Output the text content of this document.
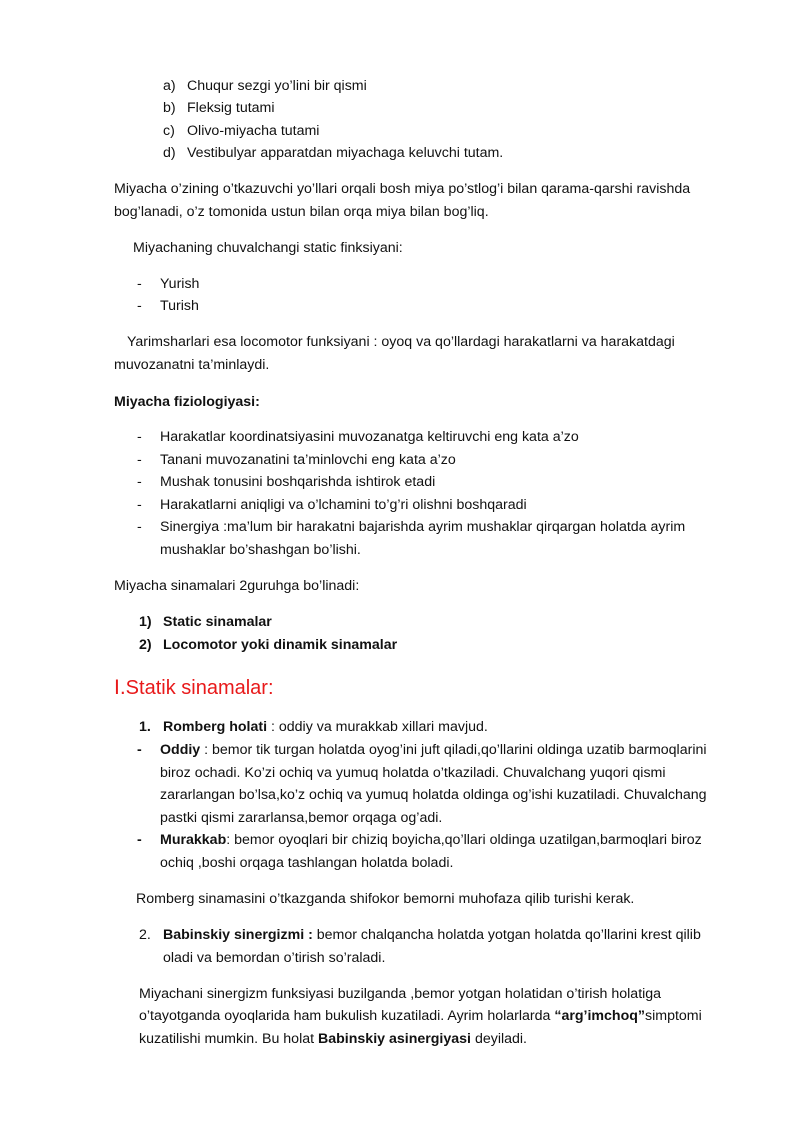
a) Chuqur sezgi yo’lini bir qismi
b) Fleksig tutami
c) Olivo-miyacha tutami
d) Vestibulyar apparatdan miyachaga keluvchi tutam.
Miyacha o’zining o’tkazuvchi yo’llari orqali bosh miya po’stlog’i bilan qarama-qarshi ravishda
bog’lanadi, o’z tomonida ustun bilan orqa miya bilan bog’liq.
Miyachaning chuvalchangi static finksiyani:
- Yurish
- Turish
Yarimsharlari esa locomotor funksiyani : oyoq va qo’llardagi harakatlarni va harakatdagi
muvozanatni ta’minlaydi.
Miyacha fiziologiyasi:
- Harakatlar koordinatsiyasini muvozanatga keltiruvchi eng kata a’zo
- Tanani muvozanatini ta’minlovchi eng kata a’zo
- Mushak tonusini boshqarishda ishtirok etadi
- Harakatlarni aniqligi va o’lchamini to’g’ri olishni boshqaradi
- Sinergiya :ma’lum bir harakatni bajarishda ayrim mushaklar qirqargan holatda ayrim
mushaklar bo’shashgan bo’lishi.
Miyacha sinamalari 2guruhga bo’linadi:
1) Static sinamalar
2) Locomotor yoki dinamik sinamalar
I.Statik sinamalar:
1. Romberg holati : oddiy va murakkab xillari mavjud.
- Oddiy : bemor tik turgan holatda oyog’ini juft qiladi,qo’llarini oldinga uzatib barmoqlarini
biroz ochadi. Ko’zi ochiq va yumuq holatda o’tkaziladi. Chuvalchang yuqori qismi
zararlangan bo’lsa,ko’z ochiq va yumuq holatda oldinga og’ishi kuzatiladi. Chuvalchang
pastki qismi zararlansa,bemor orqaga og’adi.
- Murakkab: bemor oyoqlari bir chiziq boyicha,qo’llari oldinga uzatilgan,barmoqlari biroz
ochiq ,boshi orqaga tashlangan holatda boladi.
Romberg sinamasini o’tkazganda shifokor bemorni muhofaza qilib turishi kerak.
2. Babinskiy sinergizmi : bemor chalqancha holatda yotgan holatda qo’llarini krest qilib
oladi va bemordan o’tirish so’raladi.
Miyachani sinergizm funksiyasi buzilganda ,bemor yotgan holatidan o’tirish holatiga
o’tayotganda oyoqlarida ham bukulish kuzatiladi. Ayrim holarlarda “arg’imchoq”simptomi
kuzatilishi mumkin. Bu holat Babinskiy asinergiyasi deyiladi.
